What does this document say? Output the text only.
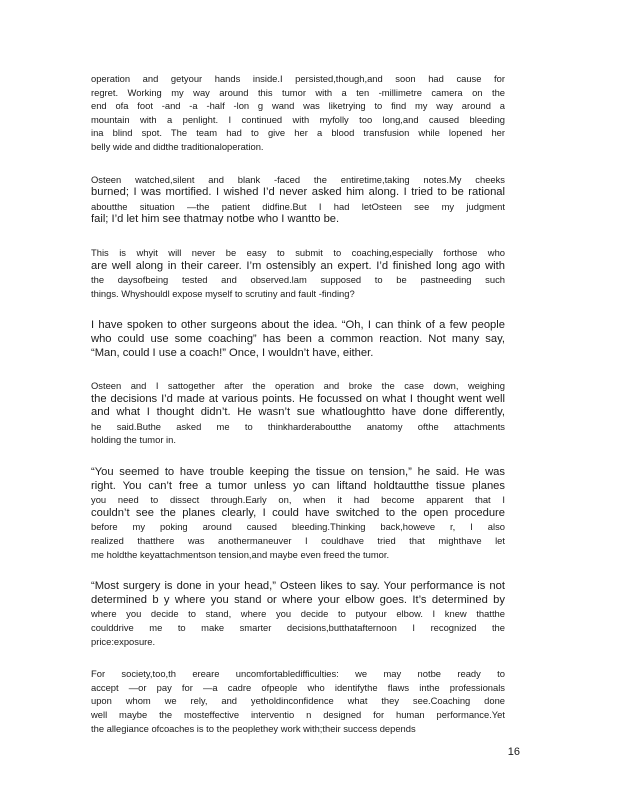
operation and getyour hands inside.I persisted,though,and soon had cause for
regret. Working my way around this tumor with a ten -millimetre camera on the
end ofa foot -and -a -half -lon g wand was liketrying to find my way around a
mountain with a penlight. I continued with myfolly too long,and caused bleeding
ina blind spot. The team had to give her a blood transfusion while lopened her
belly wide and didthe traditionaloperation.
Osteen watched,silent and blank -faced the entiretime,taking notes.My cheeks
burned; I was mortified. I wished I’d never asked him along. I tried to be rational
aboutthe situation —the patient didfine.But I had letOsteen see my judgment
fail; I’d let him see thatmay notbe who I wantto be.
This is whyit will never be easy to submit to coaching,especially forthose who
are well along in their career. I’m ostensibly an expert. I’d finished long ago with
the daysofbeing tested and observed.lam supposed to be pastneeding such
things. Whyshouldl expose myself to scrutiny and fault -finding?
I have spoken to other surgeons about the idea. “Oh, I can think of a few people
who could use some coaching” has been a common reaction. Not many say,
“Man, could I use a coach!” Once, I wouldn’t have, either.
Osteen and I sattogether after the operation and broke the case down, weighing
the decisions I’d made at various points. He focussed on what I thought went well
and what I thought didn’t. He wasn’t sue whatloughtto have done differently,
he said.Buthe asked me to thinkharderaboutthe anatomy ofthe attachments
holding the tumor in.
“You seemed to have trouble keeping the tissue on tension,” he said. He was
right. You can’t free a tumor unless yo can liftand holdtautthe tissue planes
you need to dissect through.Early on, when it had become apparent that I
couldn’t see the planes clearly, I could have switched to the open procedure
before my poking around caused bleeding.Thinking back,howeve r, I also
realized thatthere was anothermaneuver I couldhave tried that mighthave let
me holdthe keyattachmentson tension,and maybe even freed the tumor.
“Most surgery is done in your head,” Osteen likes to say. Your performance is not
determined b y where you stand or where your elbow goes. It’s determined by
where you decide to stand, where you decide to putyour elbow. I knew thatthe
coulddrive me to make smarter decisions,butthatafternoon I recognized the
price:exposure.
For society,too,th ereare uncomfortabledifficulties: we may notbe ready to
accept —or pay for —a cadre ofpeople who identifythe flaws inthe professionals
upon whom we rely, and yetholdinconfidence what they see.Coaching done
well maybe the mosteffective interventio n designed for human performance.Yet
the allegiance ofcoaches is to the peoplethey work with;their success depends
16
